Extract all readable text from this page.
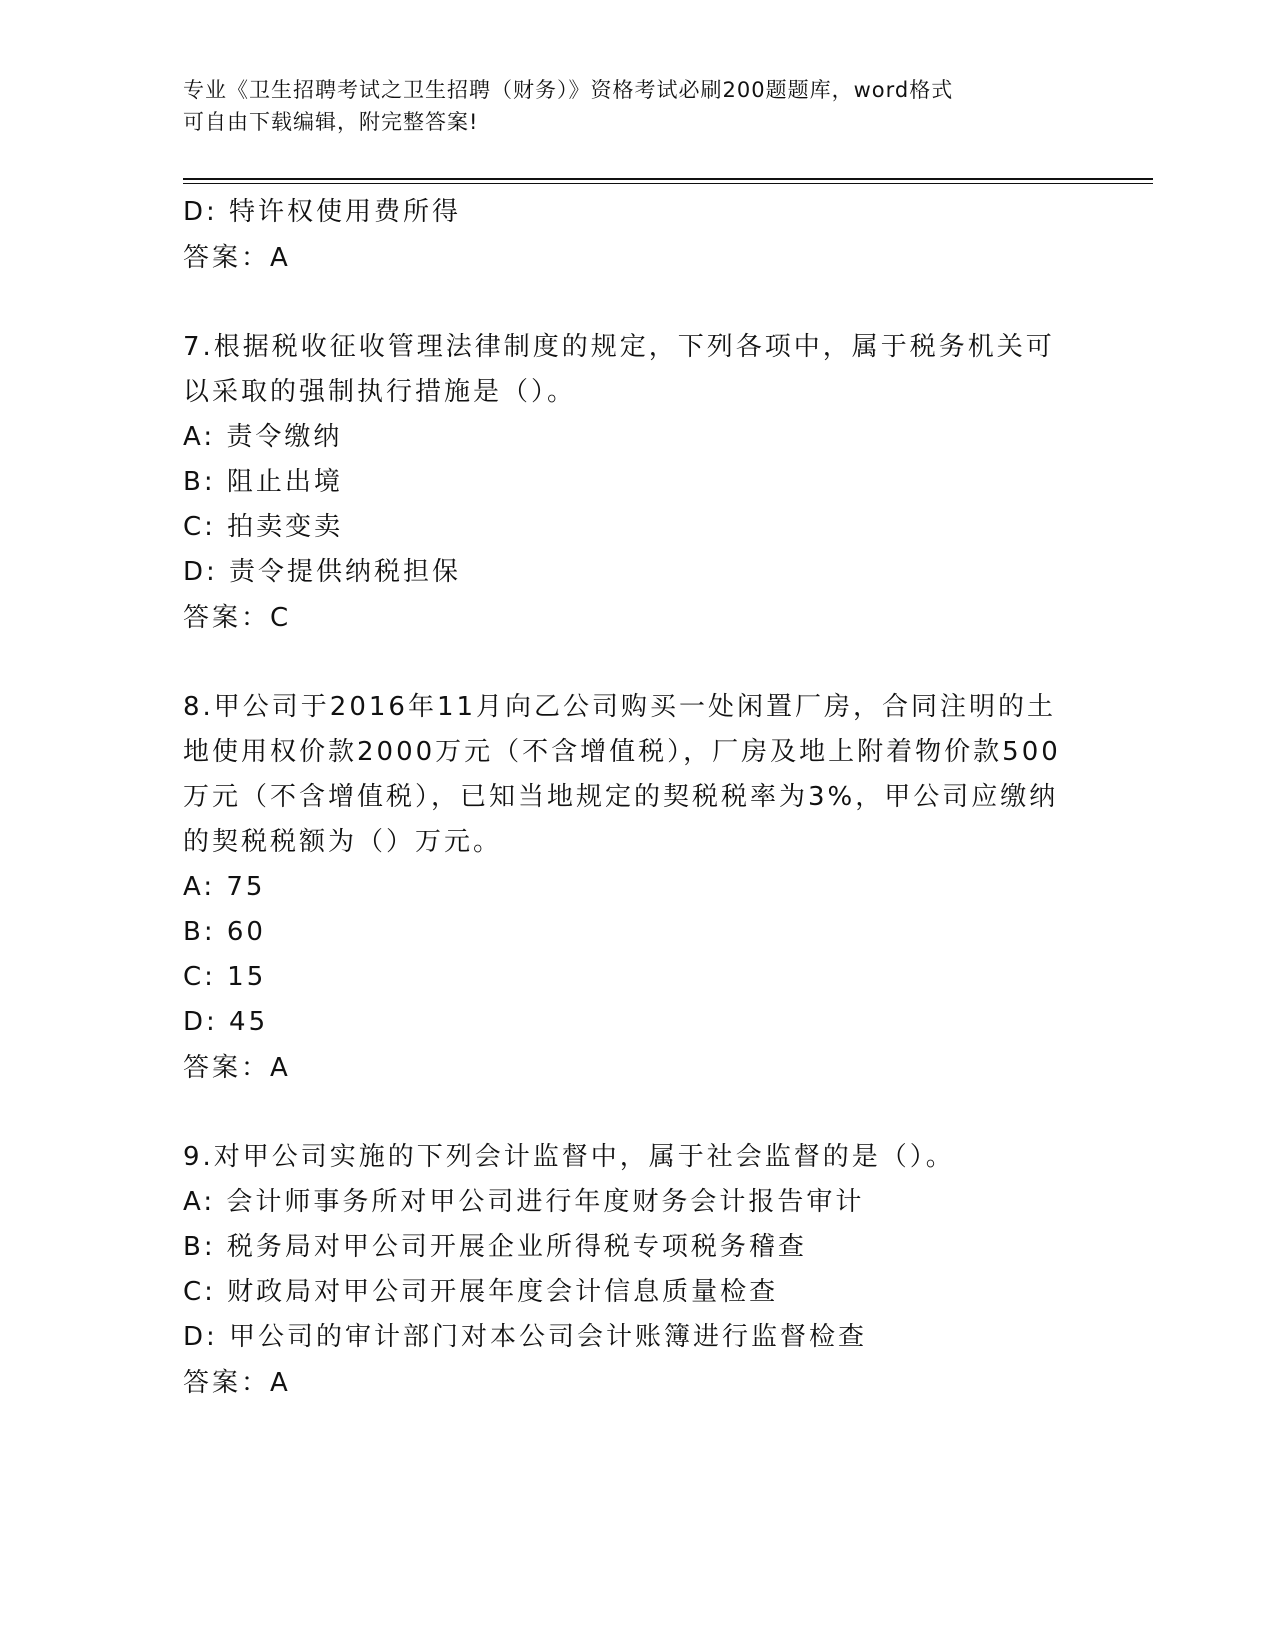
专业《卫生招聘考试之卫生招聘（财务）》资格考试必刷200题题库，word格式
可自由下载编辑，附完整答案!
D: 特许权使用费所得
答案：A
7.根据税收征收管理法律制度的规定，下列各项中，属于税务机关可
以采取的强制执行措施是（）。
A: 责令缴纳
B: 阻止出境
C: 拍卖变卖
D: 责令提供纳税担保
答案：C
8.甲公司于2016年11月向乙公司购买一处闲置厂房，合同注明的土
地使用权价款2000万元（不含增值税），厂房及地上附着物价款500
万元（不含增值税），已知当地规定的契税税率为3%，甲公司应缴纳
的契税税额为（）万元。
A: 75
B: 60
C: 15
D: 45
答案：A
9.对甲公司实施的下列会计监督中，属于社会监督的是（）。
A: 会计师事务所对甲公司进行年度财务会计报告审计
B: 税务局对甲公司开展企业所得税专项税务稽查
C: 财政局对甲公司开展年度会计信息质量检查
D: 甲公司的审计部门对本公司会计账簿进行监督检查
答案：A
